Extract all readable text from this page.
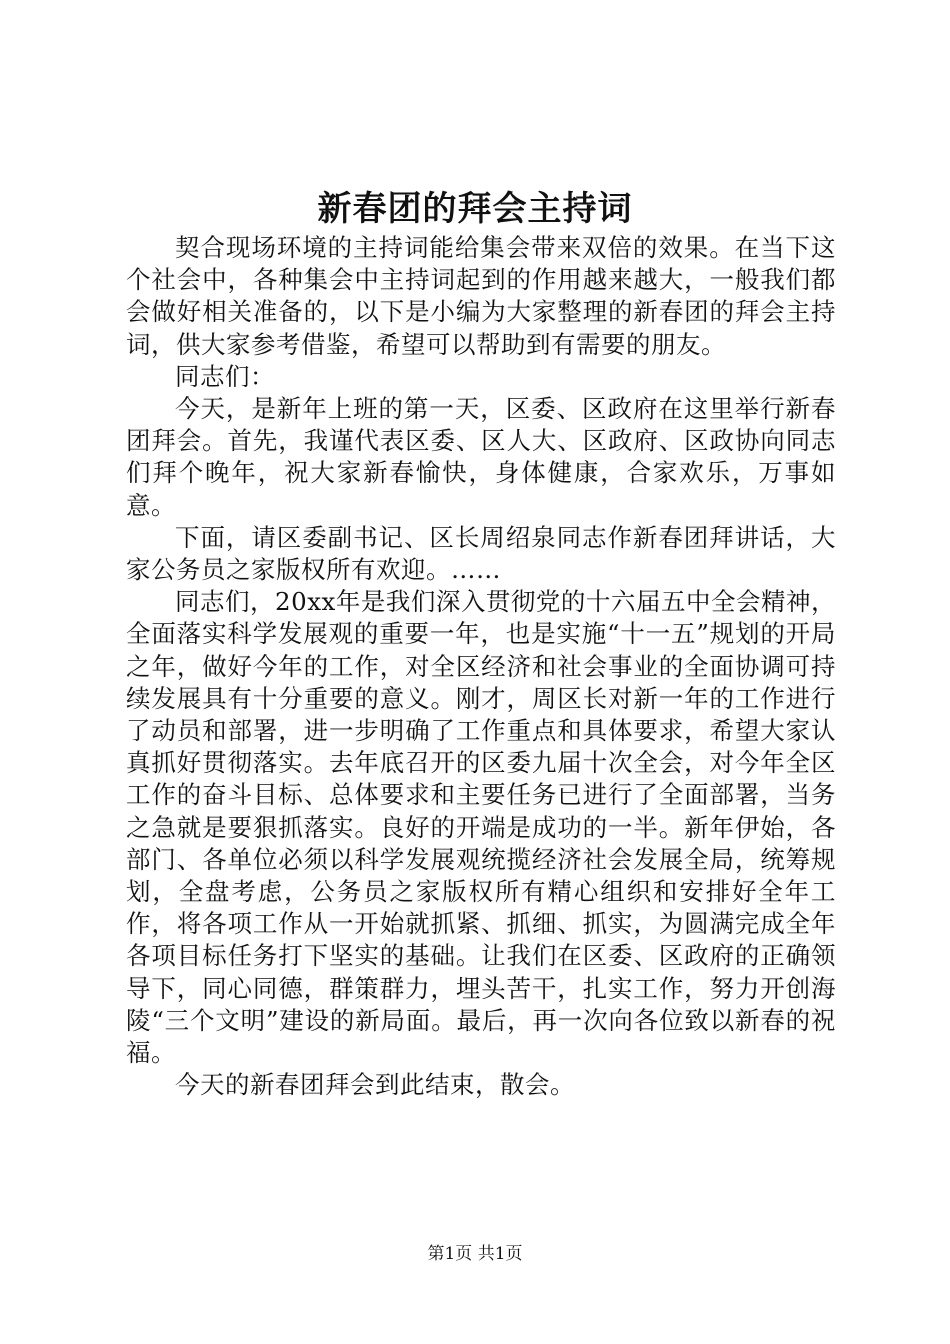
新春团的拜会主持词

契合现场环境的主持词能给集会带来双倍的效果。在当下这个社会中，各种集会中主持词起到的作用越来越大，一般我们都会做好相关准备的，以下是小编为大家整理的新春团的拜会主持词，供大家参考借鉴，希望可以帮助到有需要的朋友。

同志们：

今天，是新年上班的第一天，区委、区政府在这里举行新春团拜会。首先，我谨代表区委、区人大、区政府、区政协向同志们拜个晚年，祝大家新春愉快，身体健康，合家欢乐，万事如意。

下面，请区委副书记、区长周绍泉同志作新春团拜讲话，大家公务员之家版权所有欢迎。……

同志们，20xx年是我们深入贯彻党的十六届五中全会精神，全面落实科学发展观的重要一年，也是实施“十一五”规划的开局之年，做好今年的工作，对全区经济和社会事业的全面协调可持续发展具有十分重要的意义。刚才，周区长对新一年的工作进行了动员和部署，进一步明确了工作重点和具体要求，希望大家认真抓好贯彻落实。去年底召开的区委九届十次全会，对今年全区工作的奋斗目标、总体要求和主要任务已进行了全面部署，当务之急就是要狠抓落实。良好的开端是成功的一半。新年伊始，各部门、各单位必须以科学发展观统揽经济社会发展全局，统筹规划，全盘考虑，公务员之家版权所有精心组织和安排好全年工作，将各项工作从一开始就抓紧、抓细、抓实，为圆满完成全年各项目标任务打下坚实的基础。让我们在区委、区政府的正确领导下，同心同德，群策群力，埋头苦干，扎实工作，努力开创海陵“三个文明”建设的新局面。最后，再一次向各位致以新春的祝福。

今天的新春团拜会到此结束，散会。

第1页 共1页
